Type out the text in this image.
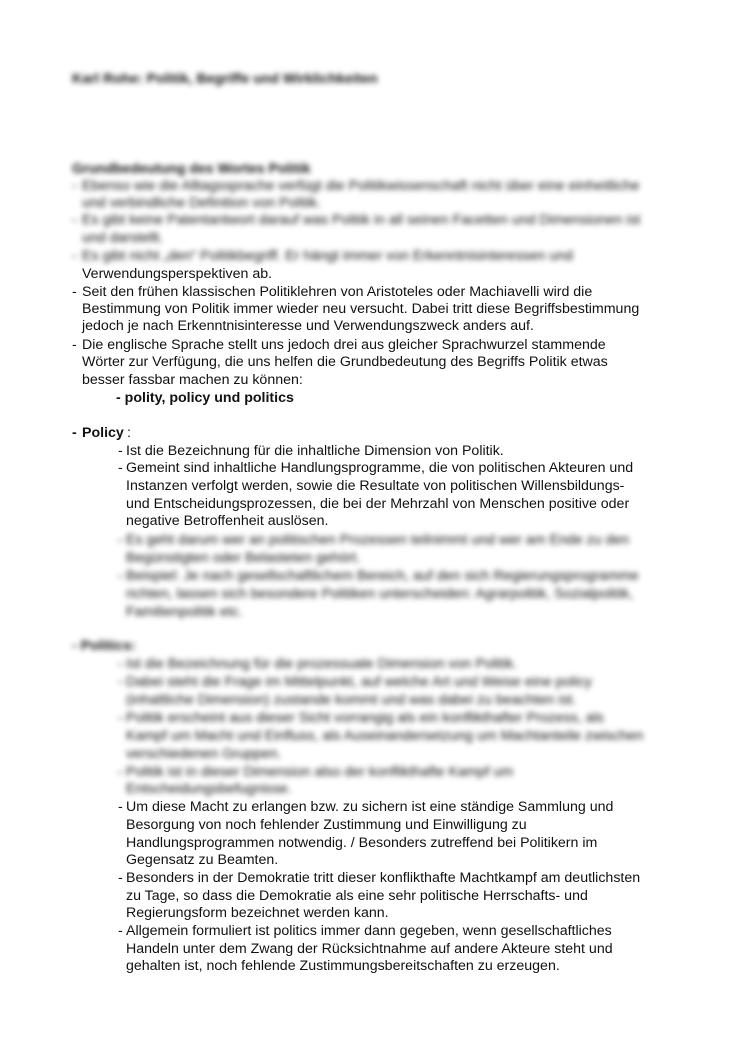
Karl Rohe: Politik, Begriffe und Wirklichkeiten
Grundbedeutung des Wortes Politik
- Ebenso wie die Alltagssprache verfügt die Politikwissenschaft nicht über eine einheitliche
und verbindliche Definition von Politik.
- Es gibt keine Patentantwort darauf was Politik in all seinen Facetten und Dimensionen ist
und darstellt.
- Es gibt nicht „den“ Politikbegriff. Er hängt immer von Erkenntnisinteressen und
Verwendungsperspektiven ab.
- Seit den frühen klassischen Politiklehren von Aristoteles oder Machiavelli wird die
Bestimmung von Politik immer wieder neu versucht. Dabei tritt diese Begriffsbestimmung
jedoch je nach Erkenntnisinteresse und Verwendungszweck anders auf.
- Die englische Sprache stellt uns jedoch drei aus gleicher Sprachwurzel stammende
Wörter zur Verfügung, die uns helfen die Grundbedeutung des Begriffs Politik etwas
besser fassbar machen zu können:
- polity, policy und politics
- Policy :
- Ist die Bezeichnung für die inhaltliche Dimension von Politik.
- Gemeint sind inhaltliche Handlungsprogramme, die von politischen Akteuren und
Instanzen verfolgt werden, sowie die Resultate von politischen Willensbildungs-
und Entscheidungsprozessen, die bei der Mehrzahl von Menschen positive oder
negative Betroffenheit auslösen.
- Es geht darum wer an politischen Prozessen teilnimmt und wer am Ende zu den
Begünstigten oder Belasteten gehört.
- Beispiel: Je nach gesellschaftlichem Bereich, auf den sich Regierungsprogramme
richten, lassen sich besondere Politiken unterscheiden: Agrarpolitik, Sozialpolitik,
Familienpolitik etc.
- Politics:
- Ist die Bezeichnung für die prozessuale Dimension von Politik.
- Dabei steht die Frage im Mittelpunkt, auf welche Art und Weise eine policy
(inhaltliche Dimension) zustande kommt und was dabei zu beachten ist.
- Politik erscheint aus dieser Sicht vorrangig als ein konflikthafter Prozess, als
Kampf um Macht und Einfluss, als Auseinandersetzung um Machtanteile zwischen
verschiedenen Gruppen.
- Politik ist in dieser Dimension also der konflikthafte Kampf um
Entscheidungsbefugnisse.
- Um diese Macht zu erlangen bzw. zu sichern ist eine ständige Sammlung und
Besorgung von noch fehlender Zustimmung und Einwilligung zu
Handlungsprogrammen notwendig. / Besonders zutreffend bei Politikern im
Gegensatz zu Beamten.
- Besonders in der Demokratie tritt dieser konflikthafte Machtkampf am deutlichsten
zu Tage, so dass die Demokratie als eine sehr politische Herrschafts- und
Regierungsform bezeichnet werden kann.
- Allgemein formuliert ist politics immer dann gegeben, wenn gesellschaftliches
Handeln unter dem Zwang der Rücksichtnahme auf andere Akteure steht und
gehalten ist, noch fehlende Zustimmungsbereitschaften zu erzeugen.
